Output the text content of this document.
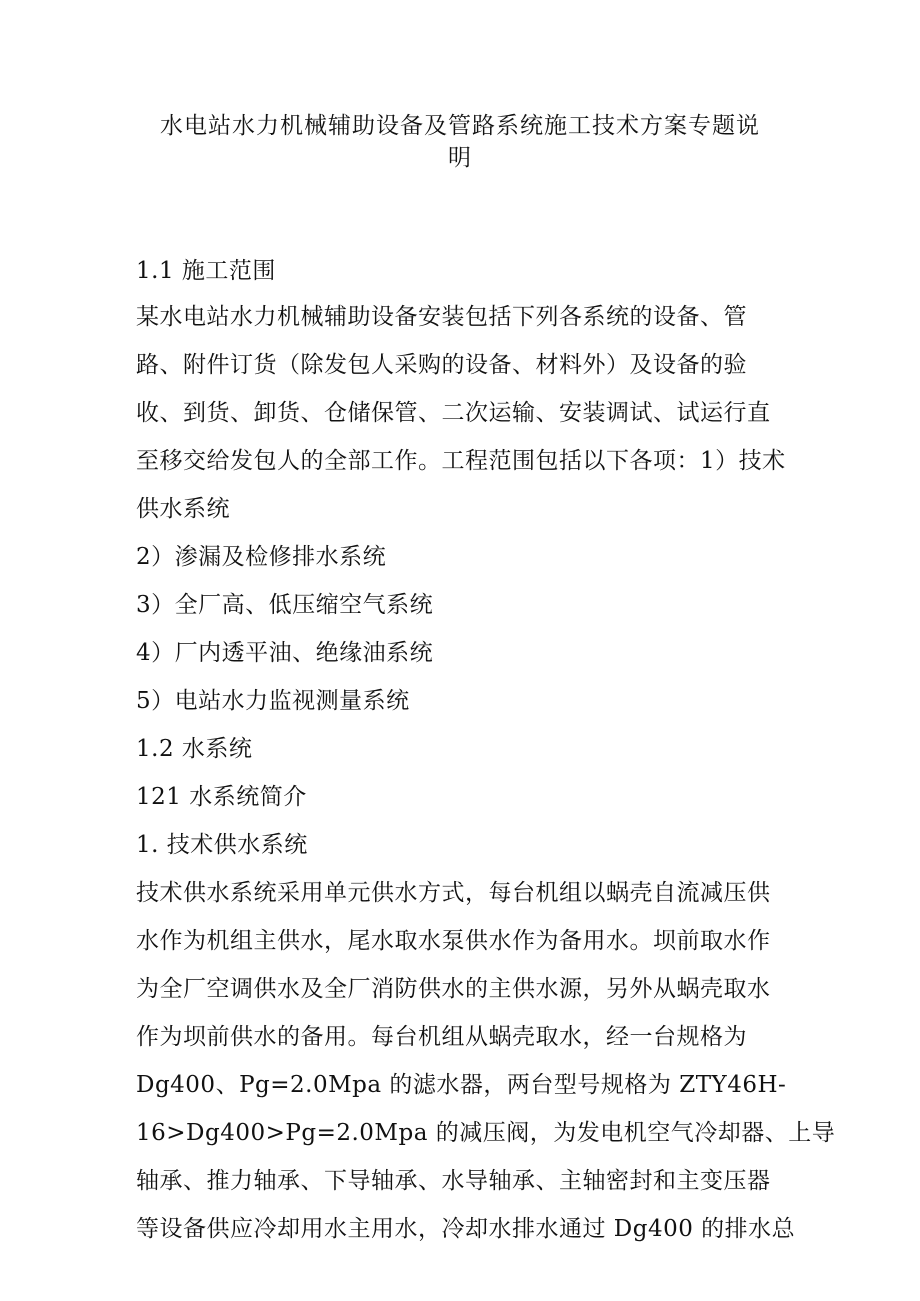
水电站水力机械辅助设备及管路系统施工技术方案专题说
明
1.1 施工范围
某水电站水力机械辅助设备安装包括下列各系统的设备、管
路、附件订货（除发包人采购的设备、材料外）及设备的验
收、到货、卸货、仓储保管、二次运输、安装调试、试运行直
至移交给发包人的全部工作。工程范围包括以下各项：1）技术
供水系统
2）渗漏及检修排水系统
3）全厂高、低压缩空气系统
4）厂内透平油、绝缘油系统
5）电站水力监视测量系统
1.2 水系统
121 水系统简介
1. 技术供水系统
技术供水系统采用单元供水方式，每台机组以蜗壳自流减压供
水作为机组主供水，尾水取水泵供水作为备用水。坝前取水作
为全厂空调供水及全厂消防供水的主供水源，另外从蜗壳取水
作为坝前供水的备用。每台机组从蜗壳取水，经一台规格为
Dg400、Pg=2.0Mpa 的滤水器，两台型号规格为 ZTY46H-
16>Dg400>Pg=2.0Mpa 的减压阀，为发电机空气冷却器、上导
轴承、推力轴承、下导轴承、水导轴承、主轴密封和主变压器
等设备供应冷却用水主用水，冷却水排水通过 Dg400 的排水总
